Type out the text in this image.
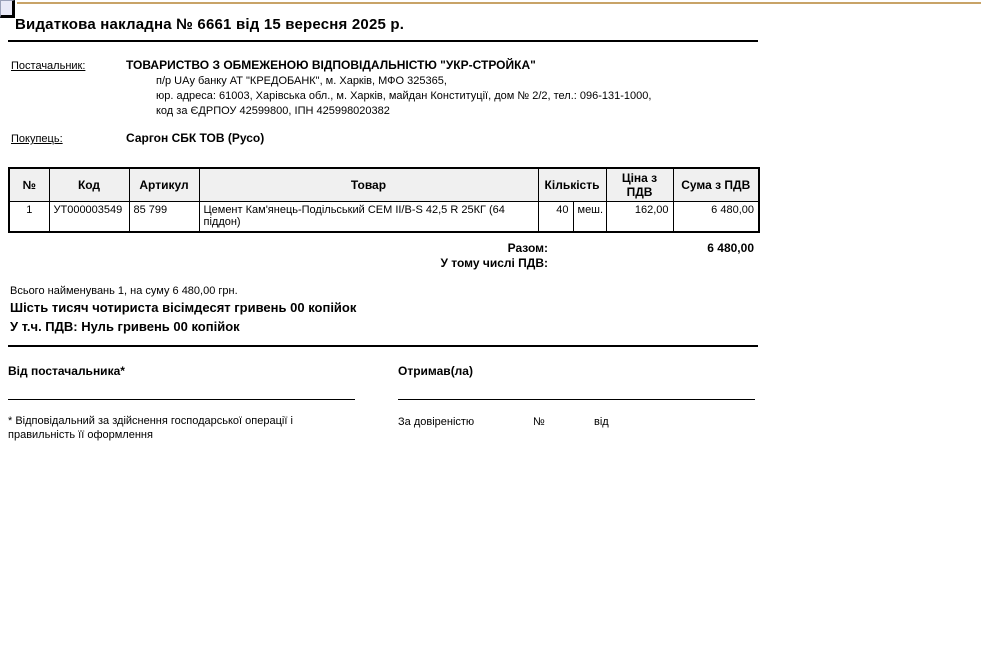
Видаткова накладна № 6661 від 15 вересня 2025 р.
Постачальник:	ТОВАРИСТВО З ОБМЕЖЕНОЮ ВІДПОВІДАЛЬНІСТЮ "УКР-СТРОЙКА"
п/р UAу банку АТ "КРЕДОБАНК", м. Харків, МФО 325365,
юр. адреса: 61003, Харівська обл., м. Харків, майдан Конституції, дом № 2/2, тел.: 096-131-1000,
код за ЄДРПОУ 42599800, ІПН 425998020382
Покупець:	Саргон СБК ТОВ (Русо)
№	Код	Артикул	Товар	Кількість		Ціна з ПДВ	Сума з ПДВ
1	УТ000003549	85 799	Цемент Кам'янець-Подільський CEM II/B-S 42,5 R 25КГ (64 піддон)	40	меш.	162,00	6 480,00
Разом:	6 480,00
У тому числі ПДВ:
Всього найменувань 1, на суму 6 480,00 грн.
Шість тисяч чотириста вісімдесят гривень 00 копійок
У т.ч. ПДВ: Нуль гривень 00 копійок
Від постачальника*
* Відповідальний за здійснення господарської операції і правильність її оформлення
Отримав(ла)
За довіреністю	№	від
